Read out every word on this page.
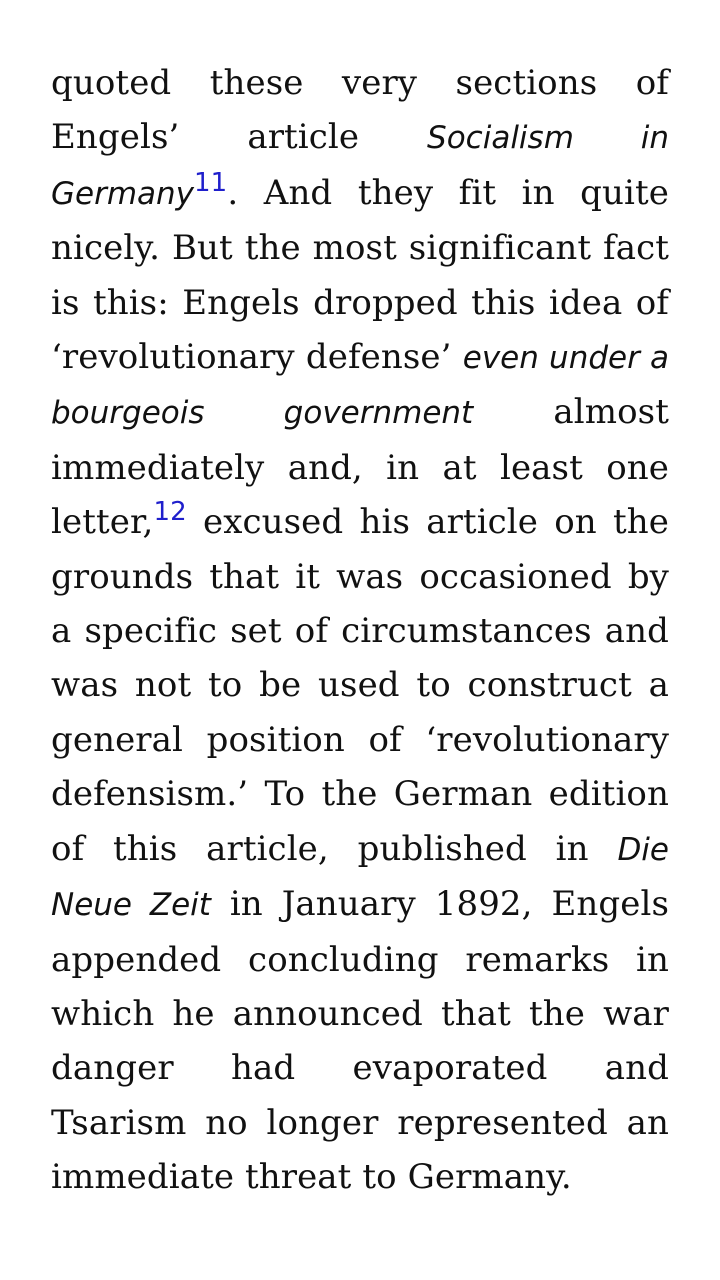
quoted these very sections of Engels’ article Socialism in Germany$^{11}$. And they fit in quite nicely. But the most significant fact is this: Engels dropped this idea of ‘revolutionary defense’ even under a bourgeois government almost immediately and, in at least one letter,$^{12}$ excused his article on the grounds that it was occasioned by a specific set of circumstances and was not to be used to construct a general position of ‘revolutionary defensism.’ To the German edition of this article, published in Die Neue Zeit in January 1892, Engels appended concluding remarks in which he announced that the war danger had evaporated and Tsarism no longer represented an immediate threat to Germany.
